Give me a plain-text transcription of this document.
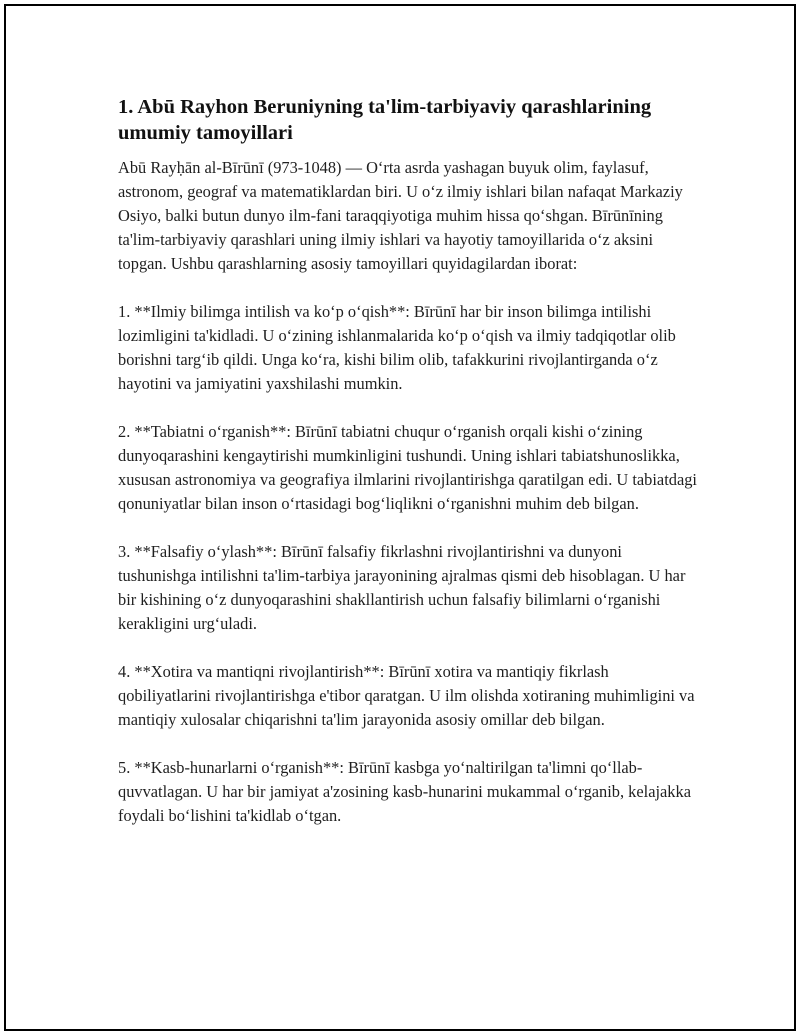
1. Abū Rayhon Beruniyning ta'lim-tarbiyaviy qarashlarining umumiy tamoyillari

Abū Rayḥān al-Bīrūnī (973-1048) — O‘rta asrda yashagan buyuk olim, faylasuf, astronom, geograf va matematiklardan biri. U o‘z ilmiy ishlari bilan nafaqat Markaziy Osiyo, balki butun dunyo ilm-fani taraqqiyotiga muhim hissa qo‘shgan. Bīrūnīning ta'lim-tarbiyaviy qarashlari uning ilmiy ishlari va hayotiy tamoyillarida o‘z aksini topgan. Ushbu qarashlarning asosiy tamoyillari quyidagilardan iborat:

1. **Ilmiy bilimga intilish va ko‘p o‘qish**: Bīrūnī har bir inson bilimga intilishi lozimligini ta'kidladi. U o‘zining ishlanmalarida ko‘p o‘qish va ilmiy tadqiqotlar olib borishni targ‘ib qildi. Unga ko‘ra, kishi bilim olib, tafakkurini rivojlantirganda o‘z hayotini va jamiyatini yaxshilashi mumkin.

2. **Tabiatni o‘rganish**: Bīrūnī tabiatni chuqur o‘rganish orqali kishi o‘zining dunyoqarashini kengaytirishi mumkinligini tushundi. Uning ishlari tabiatshunoslikka, xususan astronomiya va geografiya ilmlarini rivojlantirishga qaratilgan edi. U tabiatdagi qonuniyatlar bilan inson o‘rtasidagi bog‘liqlikni o‘rganishni muhim deb bilgan.

3. **Falsafiy o‘ylash**: Bīrūnī falsafiy fikrlashni rivojlantirishni va dunyoni tushunishga intilishni ta'lim-tarbiya jarayonining ajralmas qismi deb hisoblagan. U har bir kishining o‘z dunyoqarashini shakllantirish uchun falsafiy bilimlarni o‘rganishi kerakligini urg‘uladi.

4. **Xotira va mantiqni rivojlantirish**: Bīrūnī xotira va mantiqiy fikrlash qobiliyatlarini rivojlantirishga e'tibor qaratgan. U ilm olishda xotiraning muhimligini va mantiqiy xulosalar chiqarishni ta'lim jarayonida asosiy omillar deb bilgan.

5. **Kasb-hunarlarni o‘rganish**: Bīrūnī kasbga yo‘naltirilgan ta'limni qo‘llab-quvvatlagan. U har bir jamiyat a'zosining kasb-hunarini mukammal o‘rganib, kelajakka foydali bo‘lishini ta'kidlab o‘tgan.
